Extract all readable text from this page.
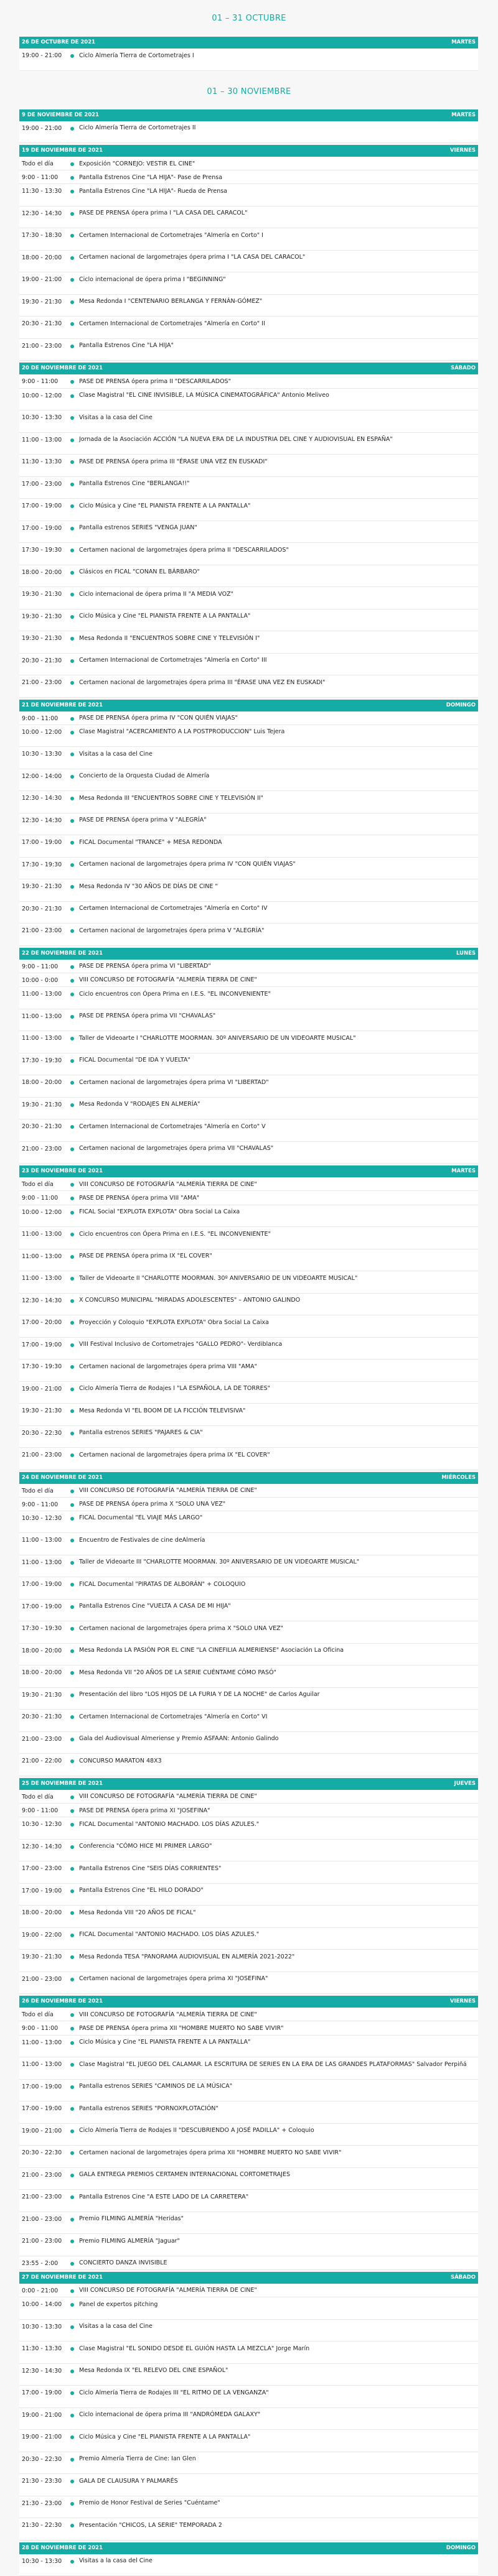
01 – 31 OCTUBRE
26 DE OCTUBRE DE 2021	MARTES
19:00 - 21:00	Ciclo Almería Tierra de Cortometrajes I
01 – 30 NOVIEMBRE
9 DE NOVIEMBRE DE 2021	MARTES
19:00 - 21:00	Ciclo Almería Tierra de Cortometrajes II
19 DE NOVIEMBRE DE 2021	VIERNES
Todo el día	Exposición "CORNEJO: VESTIR EL CINE"
9:00 - 11:00	Pantalla Estrenos Cine "LA HIJA"- Pase de Prensa
11:30 - 13:30	Pantalla Estrenos Cine "LA HIJA"- Rueda de Prensa
12:30 - 14:30	PASE DE PRENSA ópera prima I "LA CASA DEL CARACOL"
17:30 - 18:30	Certamen Internacional de Cortometrajes "Almería en Corto" I
18:00 - 20:00	Certamen nacional de largometrajes ópera prima I "LA CASA DEL CARACOL"
19:00 - 21:00	Ciclo internacional de ópera prima I "BEGINNING"
19:30 - 21:30	Mesa Redonda I "CENTENARIO BERLANGA Y FERNÁN-GÓMEZ"
20:30 - 21:30	Certamen Internacional de Cortometrajes "Almería en Corto" II
21:00 - 23:00	Pantalla Estrenos Cine "LA HIJA"
20 DE NOVIEMBRE DE 2021	SÁBADO
9:00 - 11:00	PASE DE PRENSA ópera prima II "DESCARRILADOS"
10:00 - 12:00	Clase Magistral "EL CINE INVISIBLE, LA MÚSICA CINEMATOGRÁFICA" Antonio Meliveo
10:30 - 13:30	Visitas a la casa del Cine
11:00 - 13:00	Jornada de la Asociación ACCIÓN "LA NUEVA ERA DE LA INDUSTRIA DEL CINE Y AUDIOVISUAL EN ESPAÑA"
11:30 - 13:30	PASE DE PRENSA ópera prima III "ÉRASE UNA VEZ EN EUSKADI"
17:00 - 23:00	Pantalla Estrenos Cine "BERLANGA!!"
17:00 - 19:00	Ciclo Música y Cine "EL PIANISTA FRENTE A LA PANTALLA"
17:00 - 19:00	Pantalla estrenos SERIES "VENGA JUAN"
17:30 - 19:30	Certamen nacional de largometrajes ópera prima II "DESCARRILADOS"
18:00 - 20:00	Clásicos en FICAL "CONAN EL BÁRBARO"
19:30 - 21:30	Ciclo internacional de ópera prima II "A MEDIA VOZ"
19:30 - 21:30	Ciclo Música y Cine "EL PIANISTA FRENTE A LA PANTALLA"
19:30 - 21:30	Mesa Redonda II "ENCUENTROS SOBRE CINE Y TELEVISIÓN I"
20:30 - 21:30	Certamen Internacional de Cortometrajes "Almería en Corto" III
21:00 - 23:00	Certamen nacional de largometrajes ópera prima III "ÉRASE UNA VEZ EN EUSKADI"
21 DE NOVIEMBRE DE 2021	DOMINGO
9:00 - 11:00	PASE DE PRENSA ópera prima IV "CON QUIÉN VIAJAS"
10:00 - 12:00	Clase Magistral "ACERCAMIENTO A LA POSTPRODUCCION" Luis Tejera
10:30 - 13:30	Visitas a la casa del Cine
12:00 - 14:00	Concierto de la Orquesta Ciudad de Almería
12:30 - 14:30	Mesa Redonda III "ENCUENTROS SOBRE CINE Y TELEVISIÓN II"
12:30 - 14:30	PASE DE PRENSA ópera prima V "ALEGRÍA"
17:00 - 19:00	FICAL Documental "TRANCE" + MESA REDONDA
17:30 - 19:30	Certamen nacional de largometrajes ópera prima IV "CON QUIÉN VIAJAS"
19:30 - 21:30	Mesa Redonda IV "30 AÑOS DE DÍAS DE CINE "
20:30 - 21:30	Certamen Internacional de Cortometrajes "Almería en Corto" IV
21:00 - 23:00	Certamen nacional de largometrajes ópera prima V "ALEGRÍA"
22 DE NOVIEMBRE DE 2021	LUNES
9:00 - 11:00	PASE DE PRENSA ópera prima VI "LIBERTAD"
10:00 - 0:00	VIII CONCURSO DE FOTOGRAFÍA "ALMERÍA TIERRA DE CINE"
11:00 - 13:00	Ciclo encuentros con Ópera Prima en I.E.S. "EL INCONVENIENTE"
11:00 - 13:00	PASE DE PRENSA ópera prima VII "CHAVALAS"
11:00 - 13:00	Taller de Videoarte I "CHARLOTTE MOORMAN. 30º ANIVERSARIO DE UN VIDEOARTE MUSICAL"
17:30 - 19:30	FICAL Documental "DE IDA Y VUELTA"
18:00 - 20:00	Certamen nacional de largometrajes ópera prima VI "LIBERTAD"
19:30 - 21:30	Mesa Redonda V "RODAJES EN ALMERÍA"
20:30 - 21:30	Certamen Internacional de Cortometrajes "Almería en Corto" V
21:00 - 23:00	Certamen nacional de largometrajes ópera prima VII "CHAVALAS"
23 DE NOVIEMBRE DE 2021	MARTES
Todo el día	VIII CONCURSO DE FOTOGRAFÍA "ALMERÍA TIERRA DE CINE"
9:00 - 11:00	PASE DE PRENSA ópera prima VIII "AMA"
10:00 - 12:00	FICAL Social "EXPLOTA EXPLOTA" Obra Social La Caixa
11:00 - 13:00	Ciclo encuentros con Ópera Prima en I.E.S. "EL INCONVENIENTE"
11:00 - 13:00	PASE DE PRENSA ópera prima IX "EL COVER"
11:00 - 13:00	Taller de Videoarte II "CHARLOTTE MOORMAN. 30º ANIVERSARIO DE UN VIDEOARTE MUSICAL"
12:30 - 14:30	X CONCURSO MUNICIPAL "MIRADAS ADOLESCENTES" – ANTONIO GALINDO
17:00 - 20:00	Proyección y Coloquio "EXPLOTA EXPLOTA" Obra Social La Caixa
17:00 - 19:00	VIII Festival Inclusivo de Cortometrajes "GALLO PEDRO"- Verdiblanca
17:30 - 19:30	Certamen nacional de largometrajes ópera prima VIII "AMA"
19:00 - 21:00	Ciclo Almería Tierra de Rodajes I "LA ESPAÑOLA, LA DE TORRES"
19:30 - 21:30	Mesa Redonda VI "EL BOOM DE LA FICCIÓN TELEVISIVA"
20:30 - 22:30	Pantalla estrenos SERIES "PAJARES & CIA"
21:00 - 23:00	Certamen nacional de largometrajes ópera prima IX "EL COVER"
24 DE NOVIEMBRE DE 2021	MIÉRCOLES
Todo el día	VIII CONCURSO DE FOTOGRAFÍA "ALMERÍA TIERRA DE CINE"
9:00 - 11:00	PASE DE PRENSA ópera prima X "SOLO UNA VEZ"
10:30 - 12:30	FICAL Documental "EL VIAJE MÁS LARGO"
11:00 - 13:00	Encuentro de Festivales de cine deAlmería
11:00 - 13:00	Taller de Videoarte III "CHARLOTTE MOORMAN. 30º ANIVERSARIO DE UN VIDEOARTE MUSICAL"
17:00 - 19:00	FICAL Documental "PIRATAS DE ALBORÁN" + COLOQUIO
17:00 - 19:00	Pantalla Estrenos Cine "VUELTA A CASA DE MI HIJA"
17:30 - 19:30	Certamen nacional de largometrajes ópera prima X "SOLO UNA VEZ"
18:00 - 20:00	Mesa Redonda LA PASIÓN POR EL CINE "LA CINEFILIA ALMERIENSE" Asociación La Oficina
18:00 - 20:00	Mesa Redonda VII "20 AÑOS DE LA SERIE CUÉNTAME CÓMO PASÓ"
19:30 - 21:30	Presentación del libro "LOS HIJOS DE LA FURIA Y DE LA NOCHE" de Carlos Aguilar
20:30 - 21:30	Certamen Internacional de Cortometrajes "Almería en Corto" VI
21:00 - 23:00	Gala del Audiovisual Almeriense y Premio ASFAAN: Antonio Galindo
21:00 - 22:00	CONCURSO MARATON 48X3
25 DE NOVIEMBRE DE 2021	JUEVES
Todo el día	VIII CONCURSO DE FOTOGRAFÍA "ALMERÍA TIERRA DE CINE"
9:00 - 11:00	PASE DE PRENSA ópera prima XI "JOSEFINA"
10:30 - 12:30	FICAL Documental "ANTONIO MACHADO. LOS DÍAS AZULES."
12:30 - 14:30	Conferencia "CÓMO HICE MI PRIMER LARGO"
17:00 - 23:00	Pantalla Estrenos Cine "SEIS DÍAS CORRIENTES"
17:00 - 19:00	Pantalla Estrenos Cine "EL HILO DORADO"
18:00 - 20:00	Mesa Redonda VIII "20 AÑOS DE FICAL"
19:00 - 22:00	FICAL Documental "ANTONIO MACHADO. LOS DÍAS AZULES."
19:30 - 21:30	Mesa Redonda TESA "PANORAMA AUDIOVISUAL EN ALMERÍA 2021-2022"
21:00 - 23:00	Certamen nacional de largometrajes ópera prima XI "JOSEFINA"
26 DE NOVIEMBRE DE 2021	VIERNES
Todo el día	VIII CONCURSO DE FOTOGRAFÍA "ALMERÍA TIERRA DE CINE"
9:00 - 11:00	PASE DE PRENSA ópera prima XII "HOMBRE MUERTO NO SABE VIVIR"
11:00 - 13:00	Ciclo Música y Cine "EL PIANISTA FRENTE A LA PANTALLA"
11:00 - 13:00	Clase Magistral "EL JUEGO DEL CALAMAR. LA ESCRITURA DE SERIES EN LA ERA DE LAS GRANDES PLATAFORMAS" Salvador Perpiñá
17:00 - 19:00	Pantalla estrenos SERIES "CAMINOS DE LA MÚSICA"
17:00 - 19:00	Pantalla estrenos SERIES "PORNOXPLOTACIÓN"
19:00 - 21:00	Ciclo Almería Tierra de Rodajes II "DESCUBRIENDO A JOSÉ PADILLA" + Coloquio
20:30 - 22:30	Certamen nacional de largometrajes ópera prima XII "HOMBRE MUERTO NO SABE VIVIR"
21:00 - 23:00	GALA ENTREGA PREMIOS CERTAMEN INTERNACIONAL CORTOMETRAJES
21:00 - 23:00	Pantalla Estrenos Cine "A ESTE LADO DE LA CARRETERA"
21:00 - 23:00	Premio FILMING ALMERÍA "Heridas"
21:00 - 23:00	Premio FILMING ALMERÍA "Jaguar"
23:55 - 2:00	CONCIERTO DANZA INVISIBLE
27 DE NOVIEMBRE DE 2021	SÁBADO
0:00 - 21:00	VIII CONCURSO DE FOTOGRAFÍA "ALMERÍA TIERRA DE CINE"
10:00 - 14:00	Panel de expertos pitching
10:30 - 13:30	Visitas a la casa del Cine
11:30 - 13:30	Clase Magistral "EL SONIDO DESDE EL GUIÓN HASTA LA MEZCLA" Jorge Marín
12:30 - 14:30	Mesa Redonda IX "EL RELEVO DEL CINE ESPAÑOL"
17:00 - 19:00	Ciclo Almería Tierra de Rodajes III "EL RITMO DE LA VENGANZA"
19:00 - 21:00	Ciclo internacional de ópera prima III "ANDRÓMEDA GALAXY"
19:00 - 21:00	Ciclo Música y Cine "EL PIANISTA FRENTE A LA PANTALLA"
20:30 - 22:30	Premio Almería Tierra de Cine: Ian Glen
21:30 - 23:30	GALA DE CLAUSURA Y PALMARÉS
21:30 - 23:00	Premio de Honor Festival de Series "Cuéntame"
21:30 - 22:30	Presentación "CHICOS, LA SERIE" TEMPORADA 2
28 DE NOVIEMBRE DE 2021	DOMINGO
10:30 - 13:30	Visitas a la casa del Cine
